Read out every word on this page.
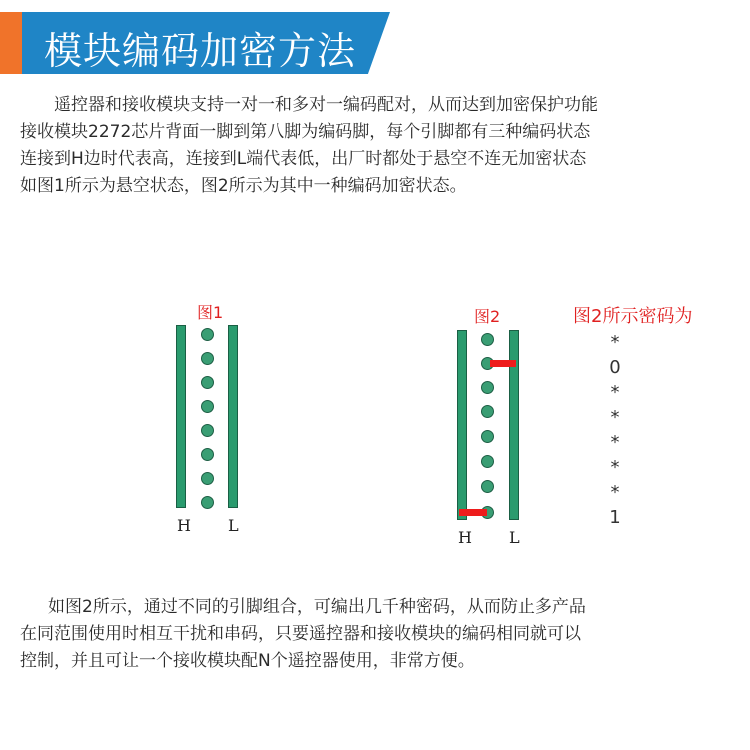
模块编码加密方法

遥控器和接收模块支持一对一和多对一编码配对，从而达到加密保护功能

接收模块2272芯片背面一脚到第八脚为编码脚，每个引脚都有三种编码状态

连接到H边时代表高，连接到L端代表低，出厂时都处于悬空不连无加密状态

如图1所示为悬空状态，图2所示为其中一种编码加密状态。

图1
H L
图2
H L
图2所示密码为
*
0
*
*
*
*
*
1

如图2所示，通过不同的引脚组合，可编出几千种密码，从而防止多产品

在同范围使用时相互干扰和串码，只要遥控器和接收模块的编码相同就可以

控制，并且可让一个接收模块配N个遥控器使用，非常方便。
